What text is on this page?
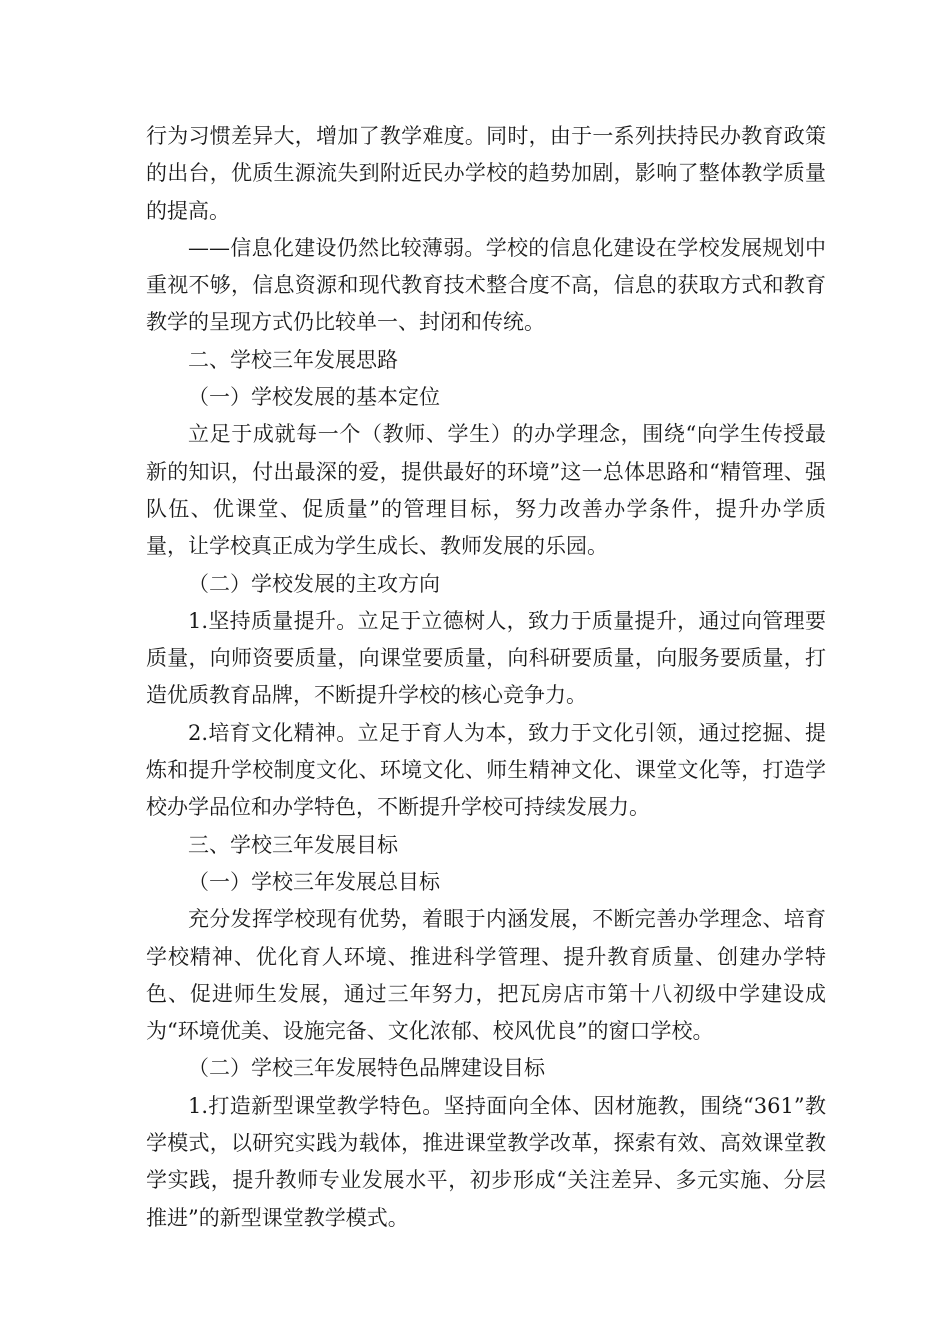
行为习惯差异大，增加了教学难度。同时，由于一系列扶持民办教育政策的出台，优质生源流失到附近民办学校的趋势加剧，影响了整体教学质量的提高。

——信息化建设仍然比较薄弱。学校的信息化建设在学校发展规划中重视不够，信息资源和现代教育技术整合度不高，信息的获取方式和教育教学的呈现方式仍比较单一、封闭和传统。

二、学校三年发展思路

（一）学校发展的基本定位

立足于成就每一个（教师、学生）的办学理念，围绕“向学生传授最新的知识，付出最深的爱，提供最好的环境”这一总体思路和“精管理、强队伍、优课堂、促质量”的管理目标，努力改善办学条件，提升办学质量，让学校真正成为学生成长、教师发展的乐园。

（二）学校发展的主攻方向

1.坚持质量提升。立足于立德树人，致力于质量提升，通过向管理要质量，向师资要质量，向课堂要质量，向科研要质量，向服务要质量，打造优质教育品牌，不断提升学校的核心竞争力。

2.培育文化精神。立足于育人为本，致力于文化引领，通过挖掘、提炼和提升学校制度文化、环境文化、师生精神文化、课堂文化等，打造学校办学品位和办学特色，不断提升学校可持续发展力。

三、学校三年发展目标

（一）学校三年发展总目标

充分发挥学校现有优势，着眼于内涵发展，不断完善办学理念、培育学校精神、优化育人环境、推进科学管理、提升教育质量、创建办学特色、促进师生发展，通过三年努力，把瓦房店市第十八初级中学建设成为“环境优美、设施完备、文化浓郁、校风优良”的窗口学校。

（二）学校三年发展特色品牌建设目标

1.打造新型课堂教学特色。坚持面向全体、因材施教，围绕“361”教学模式，以研究实践为载体，推进课堂教学改革，探索有效、高效课堂教学实践，提升教师专业发展水平，初步形成“关注差异、多元实施、分层推进”的新型课堂教学模式。
